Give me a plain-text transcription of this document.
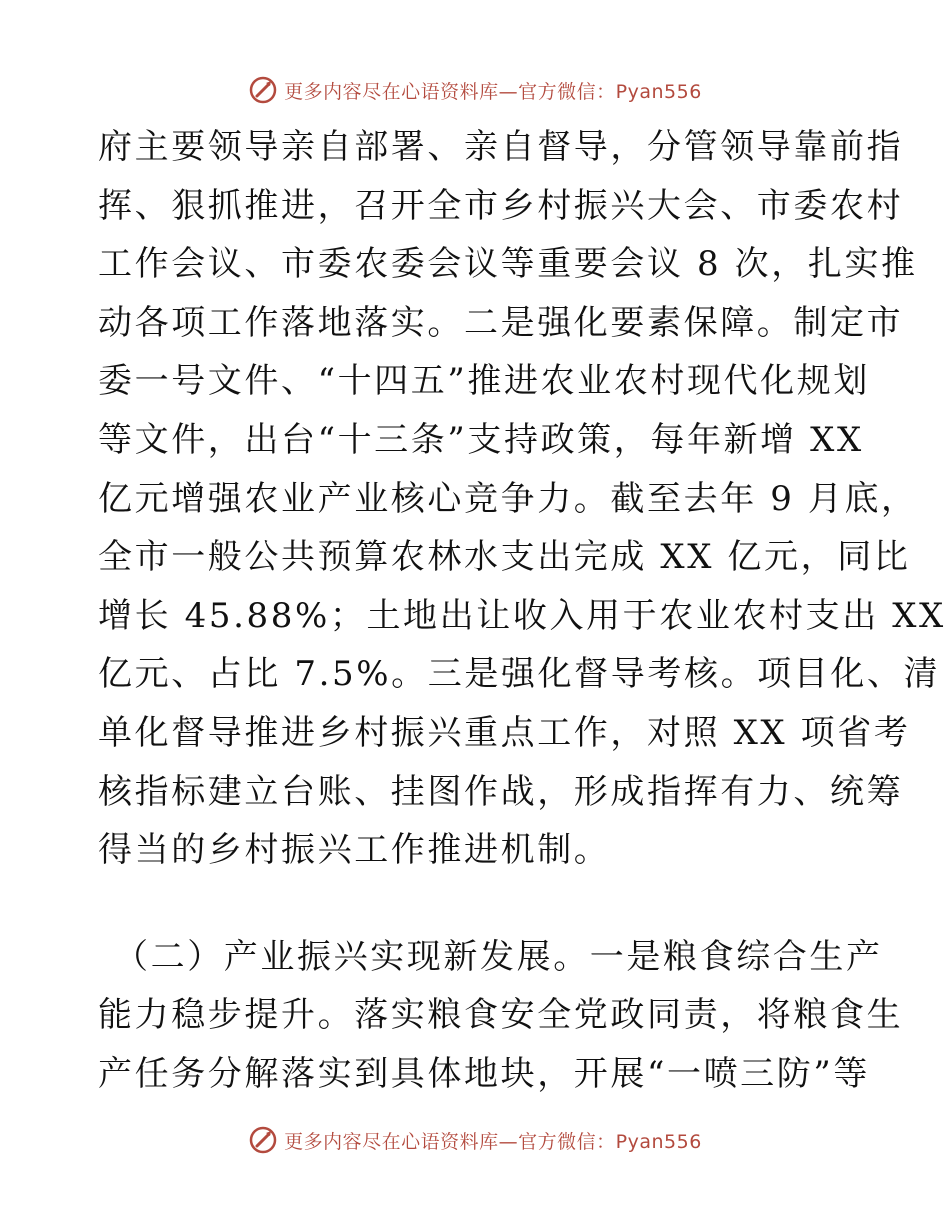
更多内容尽在心语资料库—官方微信：Pyan556
府主要领导亲自部署、亲自督导，分管领导靠前指
挥、狠抓推进，召开全市乡村振兴大会、市委农村
工作会议、市委农委会议等重要会议 8 次，扎实推
动各项工作落地落实。二是强化要素保障。制定市
委一号文件、“十四五”推进农业农村现代化规划
等文件，出台“十三条”支持政策，每年新增 XX
亿元增强农业产业核心竞争力。截至去年 9 月底，
全市一般公共预算农林水支出完成 XX 亿元，同比
增长 45.88%；土地出让收入用于农业农村支出 XX
亿元、占比 7.5%。三是强化督导考核。项目化、清
单化督导推进乡村振兴重点工作，对照 XX 项省考
核指标建立台账、挂图作战，形成指挥有力、统筹
得当的乡村振兴工作推进机制。
（二）产业振兴实现新发展。一是粮食综合生产
能力稳步提升。落实粮食安全党政同责，将粮食生
产任务分解落实到具体地块，开展“一喷三防”等
更多内容尽在心语资料库—官方微信：Pyan556
